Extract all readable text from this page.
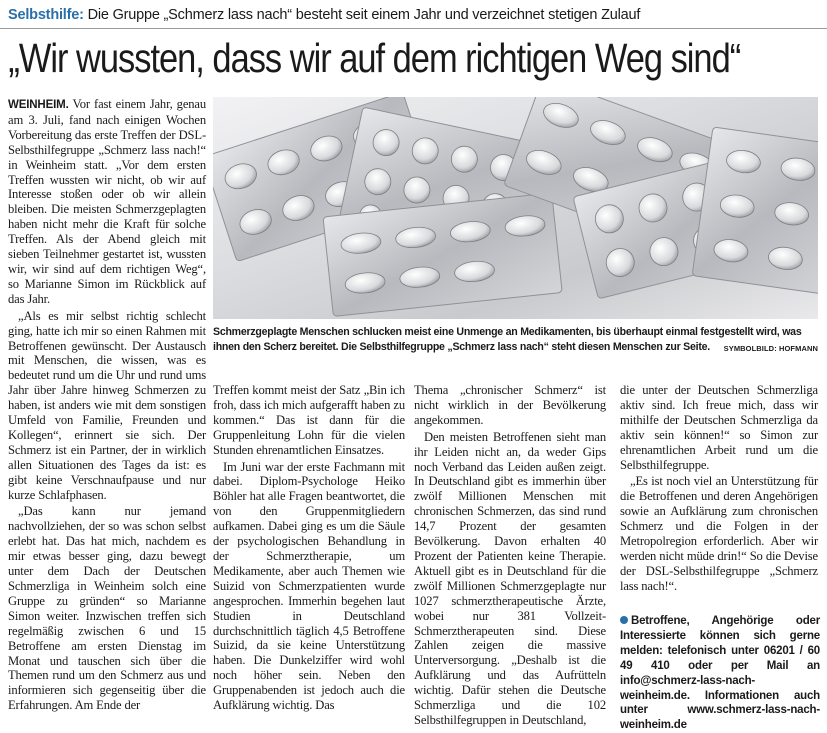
Selbsthilfe: Die Gruppe „Schmerz lass nach“ besteht seit einem Jahr und verzeichnet stetigen Zulauf
„Wir wussten, dass wir auf dem richtigen Weg sind“

WEINHEIM. Vor fast einem Jahr, genau am 3. Juli, fand nach einigen Wochen Vorbereitung das erste Treffen der DSL-Selbsthilfegruppe „Schmerz lass nach!“ in Weinheim statt. „Vor dem ersten Treffen wussten wir nicht, ob wir auf Interesse stoßen oder ob wir allein bleiben. Die meisten Schmerzgeplagten haben nicht mehr die Kraft für solche Treffen. Als der Abend gleich mit sieben Teilnehmer gestartet ist, wussten wir, wir sind auf dem richtigen Weg“, so Marianne Simon im Rückblick auf das Jahr.

„Als es mir selbst richtig schlecht ging, hatte ich mir so einen Rahmen mit Betroffenen gewünscht. Der Austausch mit Menschen, die wissen, was es bedeutet rund um die Uhr und rund ums Jahr über Jahre hinweg Schmerzen zu haben, ist anders wie mit dem sonstigen Umfeld von Familie, Freunden und Kollegen“, erinnert sie sich. Der Schmerz ist ein Partner, der in wirklich allen Situationen des Tages da ist: es gibt keine Verschnaufpause und nur kurze Schlafphasen.

„Das kann nur jemand nachvollziehen, der so was schon selbst erlebt hat. Das hat mich, nachdem es mir etwas besser ging, dazu bewegt unter dem Dach der Deutschen Schmerzliga in Weinheim solch eine Gruppe zu gründen“ so Marianne Simon weiter. Inzwischen treffen sich regelmäßig zwischen 6 und 15 Betroffene am ersten Dienstag im Monat und tauschen sich über die Themen rund um den Schmerz aus und informieren sich gegenseitig über die Erfahrungen. Am Ende der

Schmerzgeplagte Menschen schlucken meist eine Unmenge an Medikamenten, bis überhaupt einmal festgestellt wird, was ihnen den Scherz bereitet. Die Selbsthilfegruppe „Schmerz lass nach“ steht diesen Menschen zur Seite.	SYMBOLBILD: HOFMANN

Treffen kommt meist der Satz „Bin ich froh, dass ich mich aufgerafft haben zu kommen.“ Das ist dann für die Gruppenleitung Lohn für die vielen Stunden ehrenamtlichen Einsatzes.

Im Juni war der erste Fachmann mit dabei. Diplom-Psychologe Heiko Böhler hat alle Fragen beantwortet, die von den Gruppenmitgliedern aufkamen. Dabei ging es um die Säule der psychologischen Behandlung in der Schmerztherapie, um Medikamente, aber auch Themen wie Suizid von Schmerzpatienten wurde angesprochen. Immerhin begehen laut Studien in Deutschland durchschnittlich täglich 4,5 Betroffene Suizid, da sie keine Unterstützung haben. Die Dunkelziffer wird wohl noch höher sein. Neben den Gruppenabenden ist jedoch auch die Aufklärung wichtig. Das

Thema „chronischer Schmerz“ ist nicht wirklich in der Bevölkerung angekommen.

Den meisten Betroffenen sieht man ihr Leiden nicht an, da weder Gips noch Verband das Leiden außen zeigt. In Deutschland gibt es immerhin über zwölf Millionen Menschen mit chronischen Schmerzen, das sind rund 14,7 Prozent der gesamten Bevölkerung. Davon erhalten 40 Prozent der Patienten keine Therapie. Aktuell gibt es in Deutschland für die zwölf Millionen Schmerzgeplagte nur 1027 schmerztherapeutische Ärzte, wobei nur 381 Vollzeit-Schmerztherapeuten sind. Diese Zahlen zeigen die massive Unterversorgung. „Deshalb ist die Aufklärung und das Aufrütteln wichtig. Dafür stehen die Deutsche Schmerzliga und die 102 Selbsthilfegruppen in Deutschland,

die unter der Deutschen Schmerzliga aktiv sind. Ich freue mich, dass wir mithilfe der Deutschen Schmerzliga da aktiv sein können!“ so Simon zur ehrenamtlichen Arbeit rund um die Selbsthilfegruppe.

„Es ist noch viel an Unterstützung für die Betroffenen und deren Angehörigen sowie an Aufklärung zum chronischen Schmerz und die Folgen in der Metropolregion erforderlich. Aber wir werden nicht müde drin!“ So die Devise der DSL-Selbsthilfegruppe „Schmerz lass nach!“.

Betroffene, Angehörige oder Interessierte können sich gerne melden: telefonisch unter 06201 / 60 49 410 oder per Mail an info@schmerz-lass-nach-weinheim.de. Informationen auch unter www.schmerz-lass-nach-weinheim.de
